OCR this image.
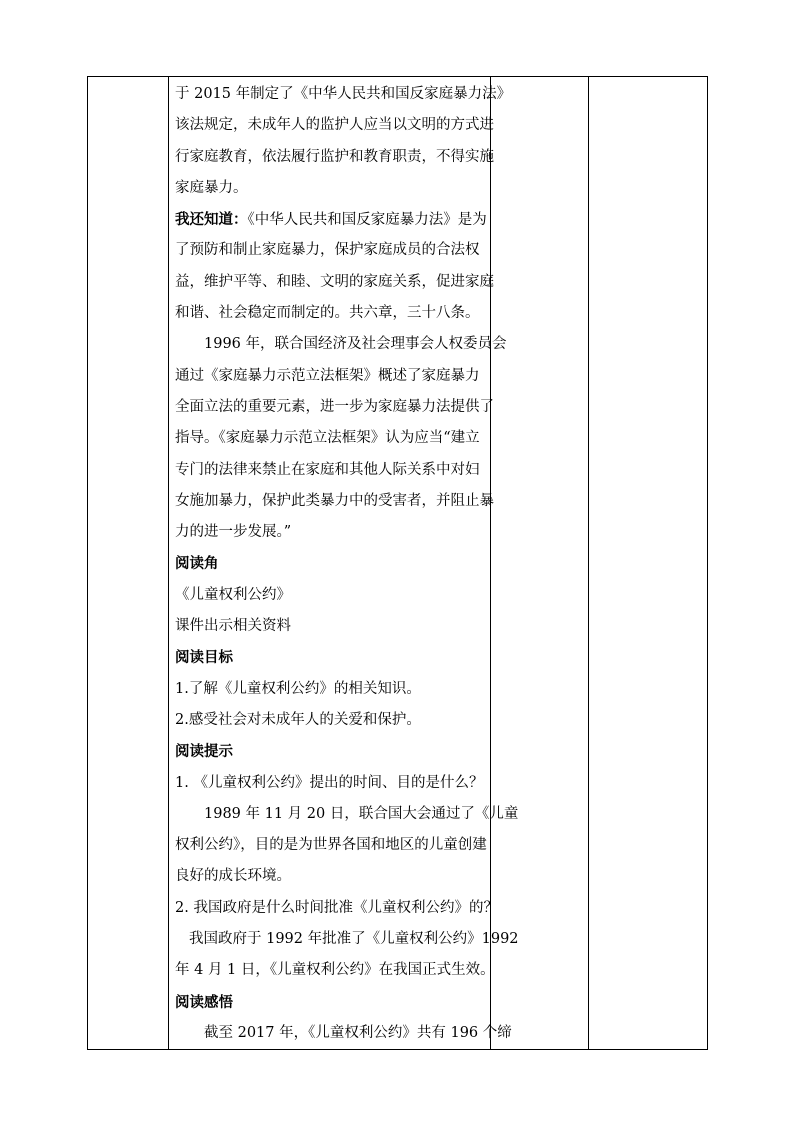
于 2015 年制定了《中华人民共和国反家庭暴力法》
该法规定，未成年人的监护人应当以文明的方式进
行家庭教育，依法履行监护和教育职责，不得实施
家庭暴力。
我还知道：《中华人民共和国反家庭暴力法》是为
了预防和制止家庭暴力，保护家庭成员的合法权
益，维护平等、和睦、文明的家庭关系，促进家庭
和谐、社会稳定而制定的。共六章，三十八条。
1996 年，联合国经济及社会理事会人权委员会
通过《家庭暴力示范立法框架》概述了家庭暴力
全面立法的重要元素，进一步为家庭暴力法提供了
指导。《家庭暴力示范立法框架》认为应当“建立
专门的法律来禁止在家庭和其他人际关系中对妇
女施加暴力，保护此类暴力中的受害者，并阻止暴
力的进一步发展。”
阅读角
《儿童权利公约》
课件出示相关资料
阅读目标
1.了解《儿童权利公约》的相关知识。
2.感受社会对未成年人的关爱和保护。
阅读提示
1. 《儿童权利公约》提出的时间、目的是什么？
1989 年 11 月 20 日，联合国大会通过了《儿童
权利公约》，目的是为世界各国和地区的儿童创建
良好的成长环境。
2. 我国政府是什么时间批准《儿童权利公约》的？
我国政府于 1992 年批准了《儿童权利公约》1992
年 4 月 1 日，《儿童权利公约》在我国正式生效。
阅读感悟
截至 2017 年，《儿童权利公约》共有 196 个缔
